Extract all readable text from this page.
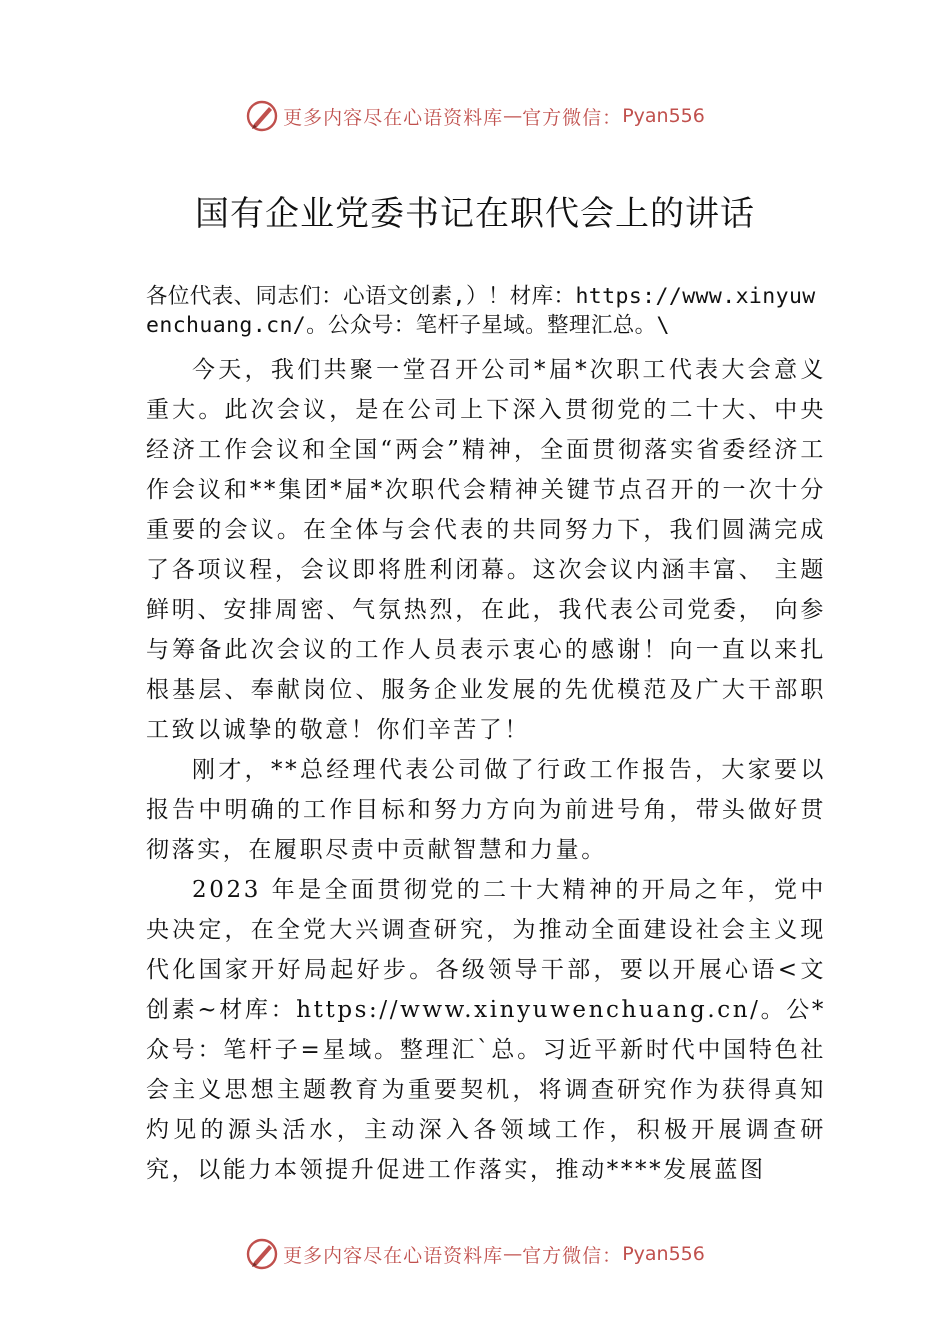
更多内容尽在心语资料库 — 官方微信： Pyan556
国有企业党委书记在职代会上的讲话

各位代表、同志们：心语文创素,）！材库：https://www.xinyuwenchuang.cn/。公众号：笔杆子星域。整理汇总。\

今天，我们共聚一堂召开公司*届*次职工代表大会意义重大。此次会议，是在公司上下深入贯彻党的二十大、中央经济工作会议和全国“两会”精神，全面贯彻落实省委经济工作会议和**集团*届*次职代会精神关键节点召开的一次十分重要的会议。在全体与会代表的共同努力下，我们圆满完成了各项议程，会议即将胜利闭幕。这次会议内涵丰富、 主题鲜明、安排周密、气氛热烈，在此，我代表公司党委， 向参与筹备此次会议的工作人员表示衷心的感谢！向一直以来扎根基层、奉献岗位、服务企业发展的先优模范及广大干部职工致以诚挚的敬意！你们辛苦了！

刚才，**总经理代表公司做了行政工作报告，大家要以报告中明确的工作目标和努力方向为前进号角，带头做好贯彻落实，在履职尽责中贡献智慧和力量。

2023 年是全面贯彻党的二十大精神的开局之年，党中央决定，在全党大兴调查研究，为推动全面建设社会主义现代化国家开好局起好步。各级领导干部，要以开展心语<文创素~材库：https://www.xinyuwenchuang.cn/。公*众号：笔杆子=星域。整理汇`总。习近平新时代中国特色社会主义思想主题教育为重要契机，将调查研究作为获得真知灼见的源头活水，主动深入各领域工作，积极开展调查研究，以能力本领提升促进工作落实，推动****发展蓝图

更多内容尽在心语资料库 — 官方微信： Pyan556
